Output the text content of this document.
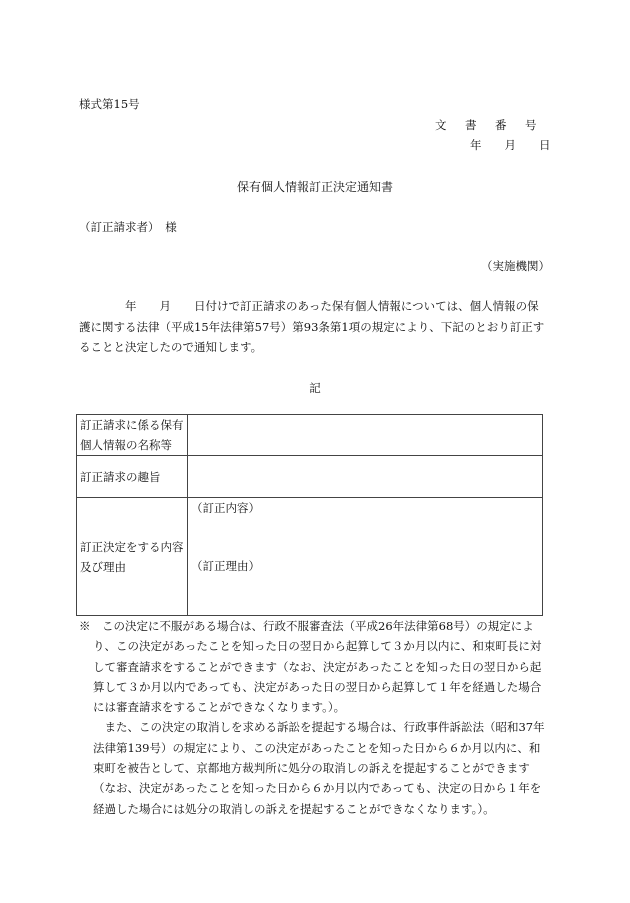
様式第15号
文書番号
年月日
保有個人情報訂正決定通知書
（訂正請求者）　様
（実施機関）

　　　　年　　月　　日付けで訂正請求のあった保有個人情報については、個人情報の保護に関する法律（平成15年法律第57号）第93条第1項の規定により、下記のとおり訂正することと決定したので通知します。

記
訂正請求に係る保有個人情報の名称等	
訂正請求の趣旨	
訂正決定をする内容及び理由	（訂正内容）
（訂正理由）

※　この決定に不服がある場合は、行政不服審査法（平成26年法律第68号）の規定により、この決定があったことを知った日の翌日から起算して３か月以内に、和束町長に対して審査請求をすることができます（なお、決定があったことを知った日の翌日から起算して３か月以内であっても、決定があった日の翌日から起算して１年を経過した場合には審査請求をすることができなくなります。）。

　また、この決定の取消しを求める訴訟を提起する場合は、行政事件訴訟法（昭和37年法律第139号）の規定により、この決定があったことを知った日から６か月以内に、和束町を被告として、京都地方裁判所に処分の取消しの訴えを提起することができます（なお、決定があったことを知った日から６か月以内であっても、決定の日から１年を経過した場合には処分の取消しの訴えを提起することができなくなります。）。
